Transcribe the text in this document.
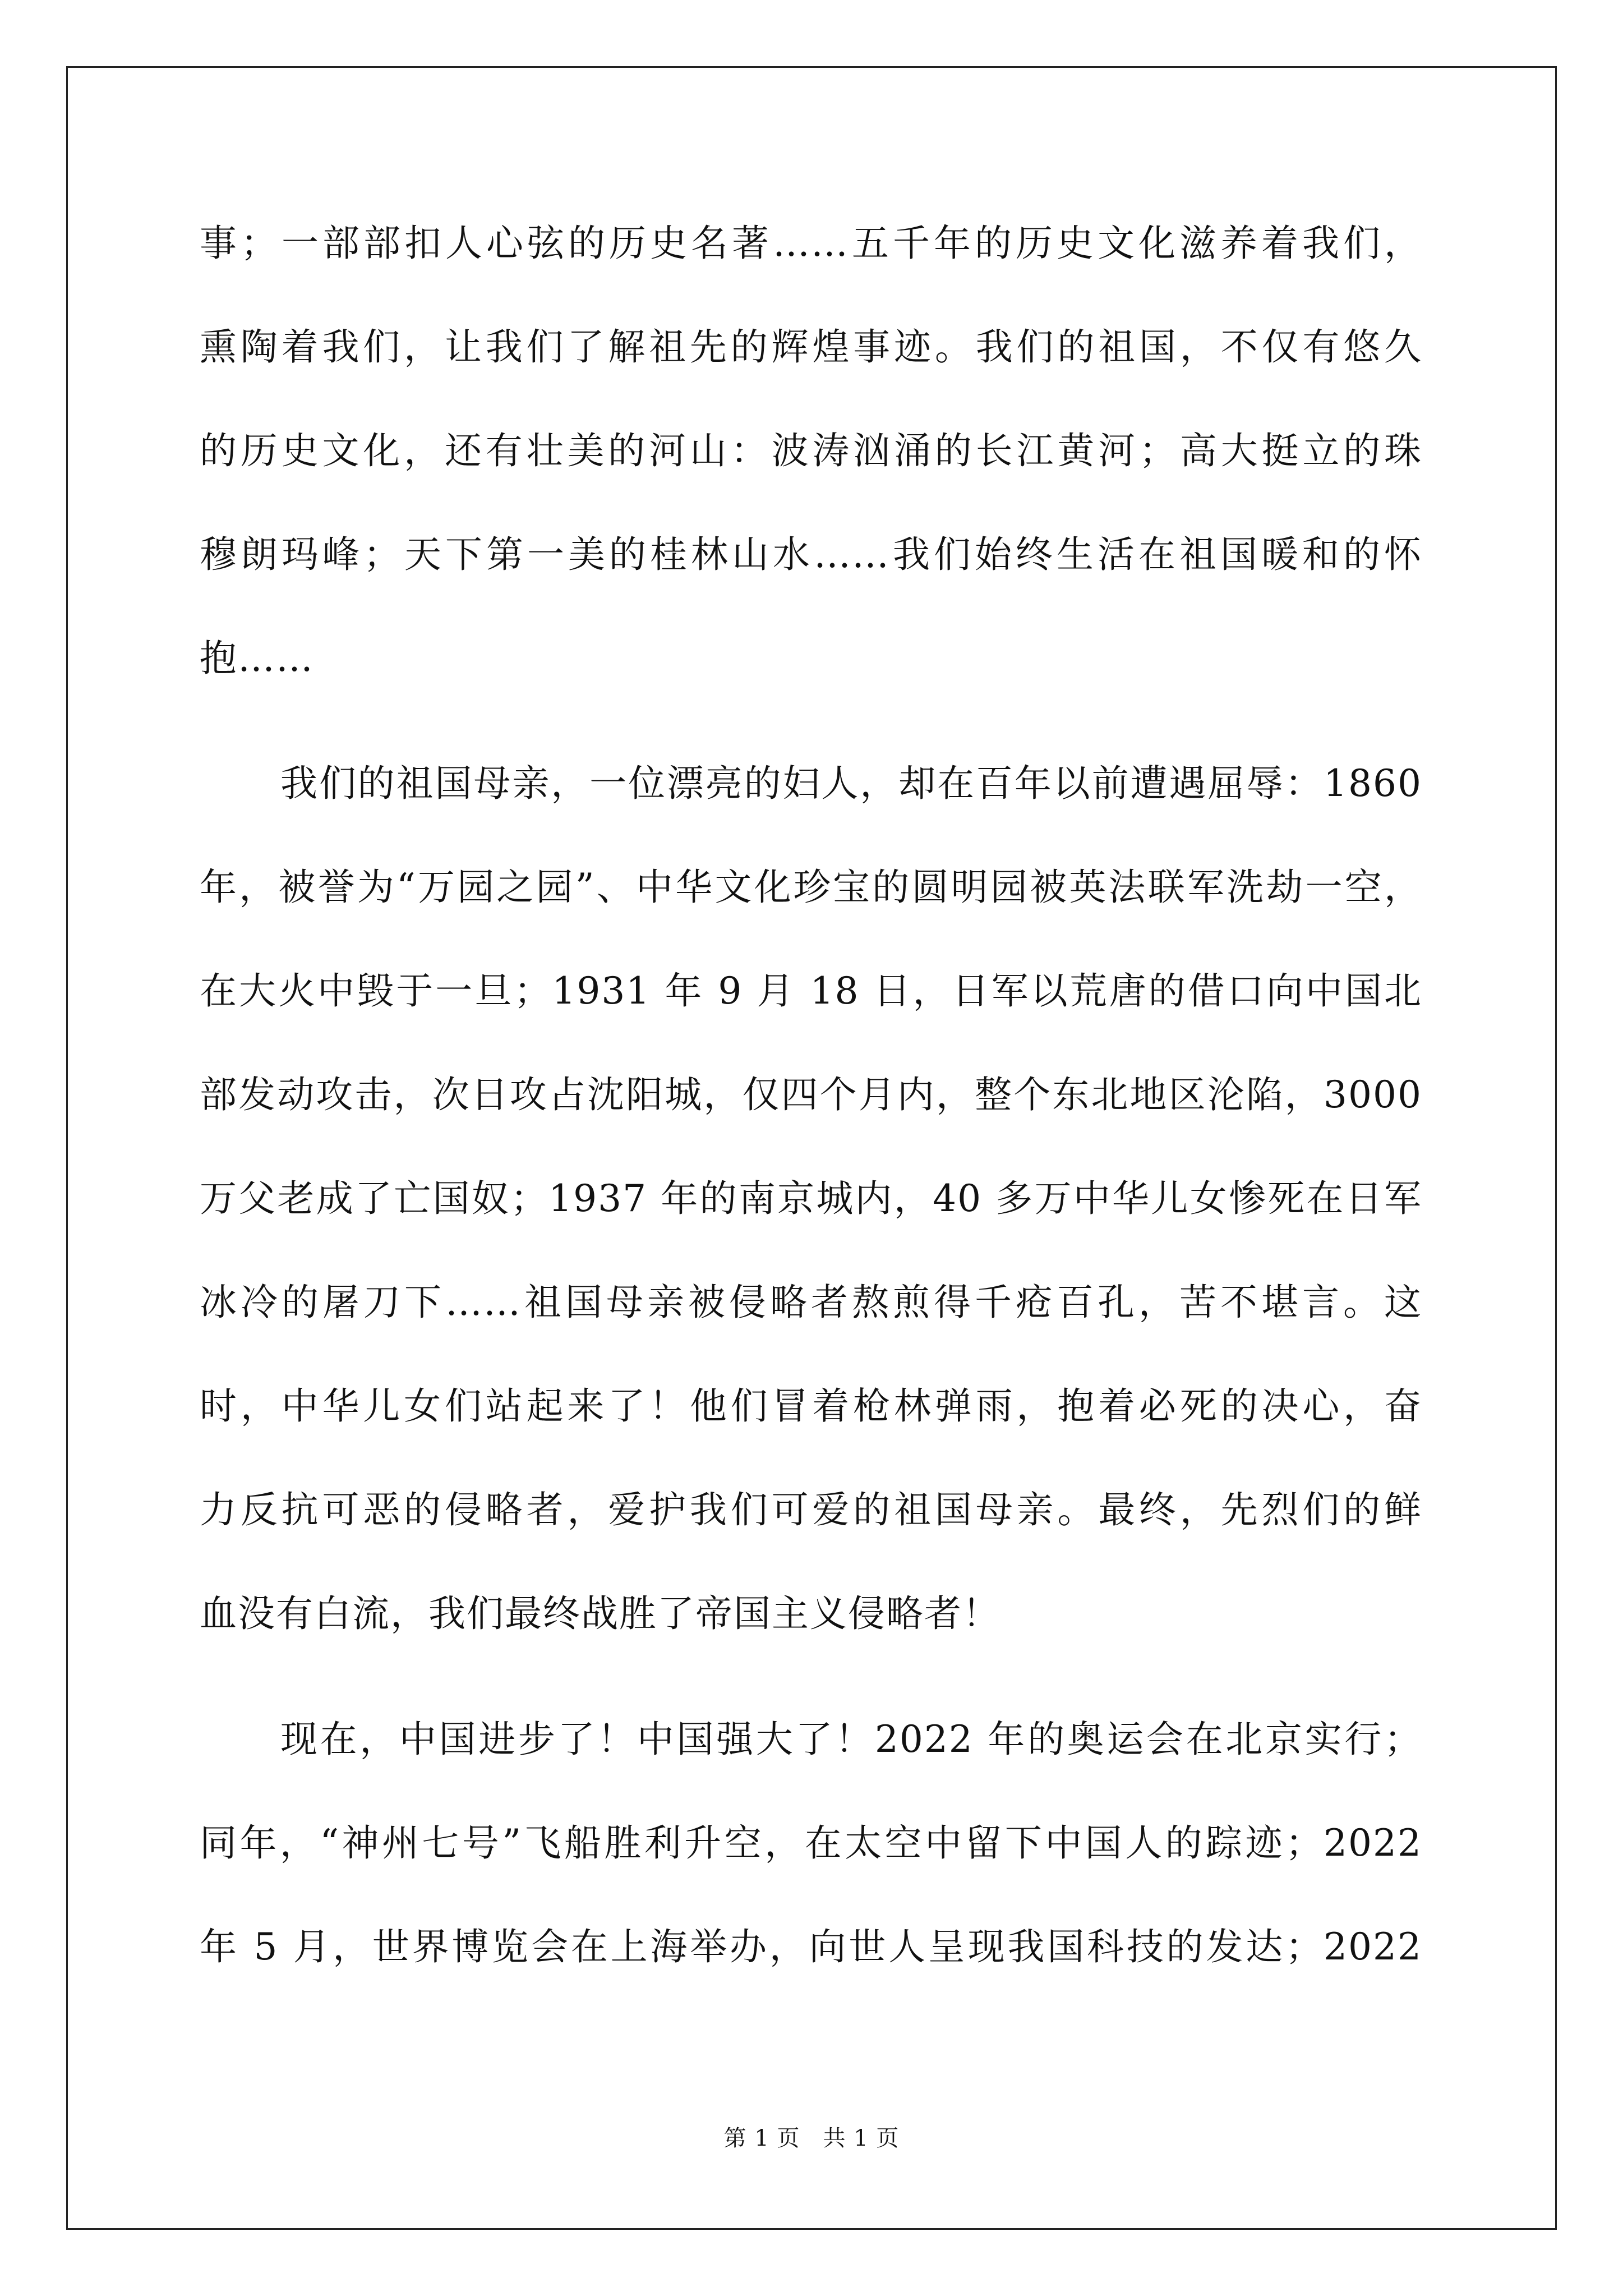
事；一部部扣人心弦的历史名著……五千年的历史文化滋养着我们，
熏陶着我们，让我们了解祖先的辉煌事迹。我们的祖国，不仅有悠久
的历史文化，还有壮美的河山：波涛汹涌的长江黄河；高大挺立的珠
穆朗玛峰；天下第一美的桂林山水……我们始终生活在祖国暖和的怀
抱……
我们的祖国母亲，一位漂亮的妇人，却在百年以前遭遇屈辱：1860
年，被誉为“万园之园”、中华文化珍宝的圆明园被英法联军洗劫一空，
在大火中毁于一旦；1931 年 9 月 18 日，日军以荒唐的借口向中国北
部发动攻击，次日攻占沈阳城，仅四个月内，整个东北地区沦陷，3000
万父老成了亡国奴；1937 年的南京城内，40 多万中华儿女惨死在日军
冰冷的屠刀下……祖国母亲被侵略者熬煎得千疮百孔，苦不堪言。这
时，中华儿女们站起来了！他们冒着枪林弹雨，抱着必死的决心，奋
力反抗可恶的侵略者，爱护我们可爱的祖国母亲。最终，先烈们的鲜
血没有白流，我们最终战胜了帝国主义侵略者！
现在，中国进步了！中国强大了！2022 年的奥运会在北京实行；
同年，“神州七号”飞船胜利升空，在太空中留下中国人的踪迹；2022
年 5 月，世界博览会在上海举办，向世人呈现我国科技的发达；2022
第 1 页　共 1 页
